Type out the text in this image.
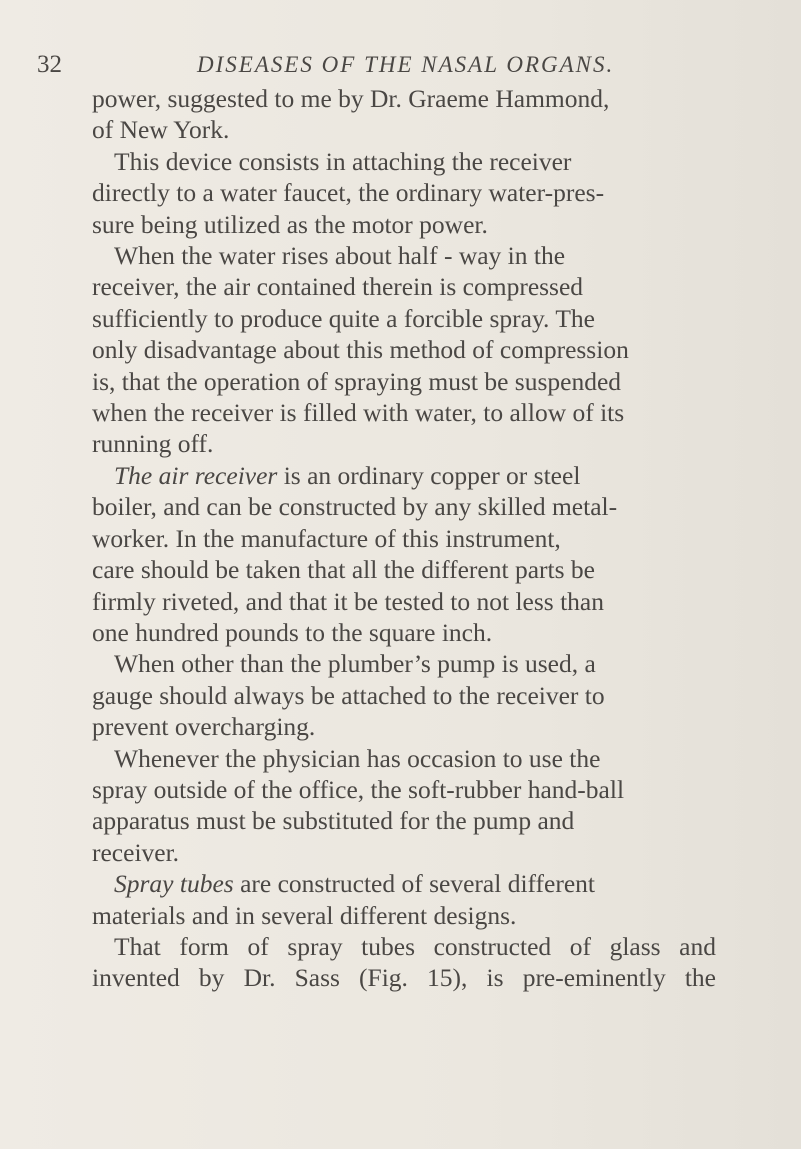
32	DISEASES OF THE NASAL ORGANS.

power, suggested to me by Dr. Graeme Hammond,
of New York.

This device consists in attaching the receiver
directly to a water faucet, the ordinary water-pres-
sure being utilized as the motor power.

When the water rises about half - way in the
receiver, the air contained therein is compressed
sufficiently to produce quite a forcible spray. The
only disadvantage about this method of compression
is, that the operation of spraying must be suspended
when the receiver is filled with water, to allow of its
running off.

The air receiver is an ordinary copper or steel
boiler, and can be constructed by any skilled metal-
worker. In the manufacture of this instrument,
care should be taken that all the different parts be
firmly riveted, and that it be tested to not less than
one hundred pounds to the square inch.

When other than the plumber’s pump is used, a
gauge should always be attached to the receiver to
prevent overcharging.

Whenever the physician has occasion to use the
spray outside of the office, the soft-rubber hand-ball
apparatus must be substituted for the pump and
receiver.

Spray tubes are constructed of several different
materials and in several different designs.

That form of spray tubes constructed of glass and
invented by Dr. Sass (Fig. 15), is pre-eminently the
